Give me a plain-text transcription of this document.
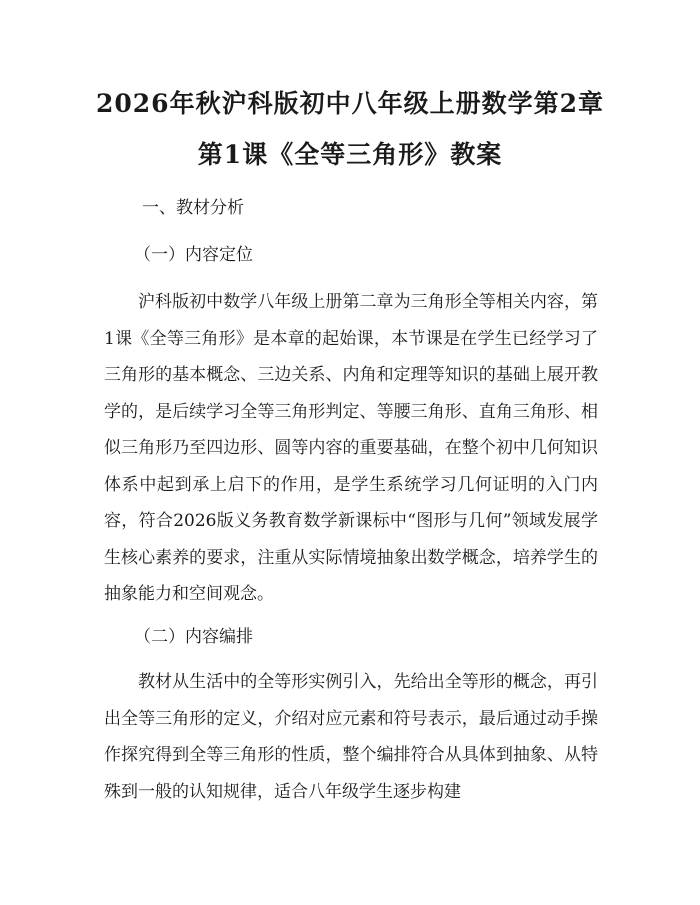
2026年秋沪科版初中八年级上册数学第2章
第1课《全等三角形》教案
一、教材分析
（一）内容定位

沪科版初中数学八年级上册第二章为三角形全等相关内容，第1课《全等三角形》是本章的起始课，本节课是在学生已经学习了三角形的基本概念、三边关系、内角和定理等知识的基础上展开教学的，是后续学习全等三角形判定、等腰三角形、直角三角形、相似三角形乃至四边形、圆等内容的重要基础，在整个初中几何知识体系中起到承上启下的作用，是学生系统学习几何证明的入门内容，符合2026版义务教育数学新课标中“图形与几何”领域发展学生核心素养的要求，注重从实际情境抽象出数学概念，培养学生的抽象能力和空间观念。

（二）内容编排

教材从生活中的全等形实例引入，先给出全等形的概念，再引出全等三角形的定义，介绍对应元素和符号表示，最后通过动手操作探究得到全等三角形的性质，整个编排符合从具体到抽象、从特殊到一般的认知规律，适合八年级学生逐步构建
